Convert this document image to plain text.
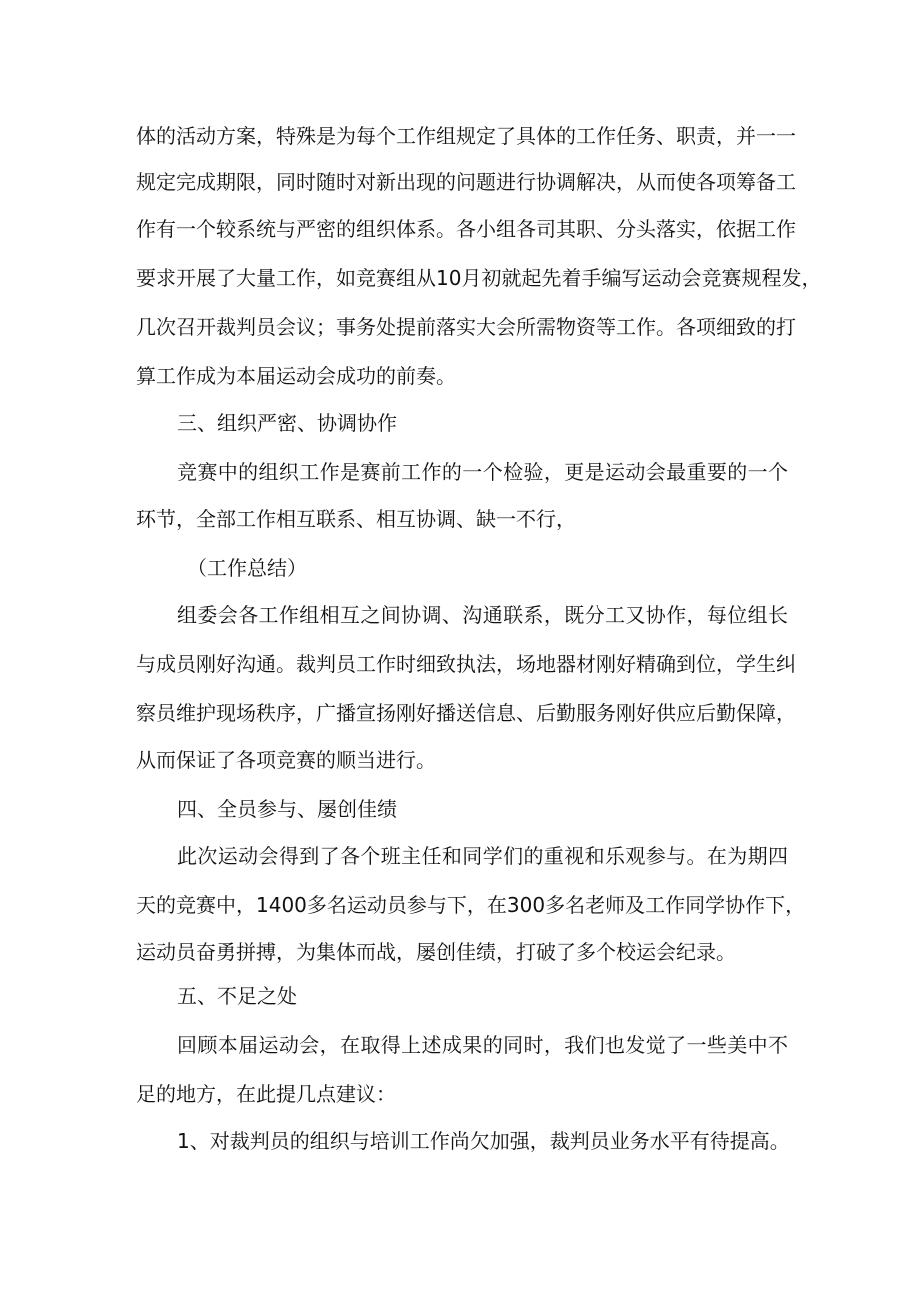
体的活动方案，特殊是为每个工作组规定了具体的工作任务、职责，并一一
规定完成期限，同时随时对新出现的问题进行协调解决，从而使各项筹备工
作有一个较系统与严密的组织体系。各小组各司其职、分头落实，依据工作
要求开展了大量工作，如竞赛组从10月初就起先着手编写运动会竞赛规程发，
几次召开裁判员会议；事务处提前落实大会所需物资等工作。各项细致的打
算工作成为本届运动会成功的前奏。
三、组织严密、协调协作
竞赛中的组织工作是赛前工作的一个检验，更是运动会最重要的一个
环节，全部工作相互联系、相互协调、缺一不行，
（工作总结）
组委会各工作组相互之间协调、沟通联系，既分工又协作，每位组长
与成员刚好沟通。裁判员工作时细致执法，场地器材刚好精确到位，学生纠
察员维护现场秩序，广播宣扬刚好播送信息、后勤服务刚好供应后勤保障，
从而保证了各项竞赛的顺当进行。
四、全员参与、屡创佳绩
此次运动会得到了各个班主任和同学们的重视和乐观参与。在为期四
天的竞赛中，1400多名运动员参与下，在300多名老师及工作同学协作下，
运动员奋勇拼搏，为集体而战，屡创佳绩，打破了多个校运会纪录。
五、不足之处
回顾本届运动会，在取得上述成果的同时，我们也发觉了一些美中不
足的地方，在此提几点建议：
1、对裁判员的组织与培训工作尚欠加强，裁判员业务水平有待提高。
